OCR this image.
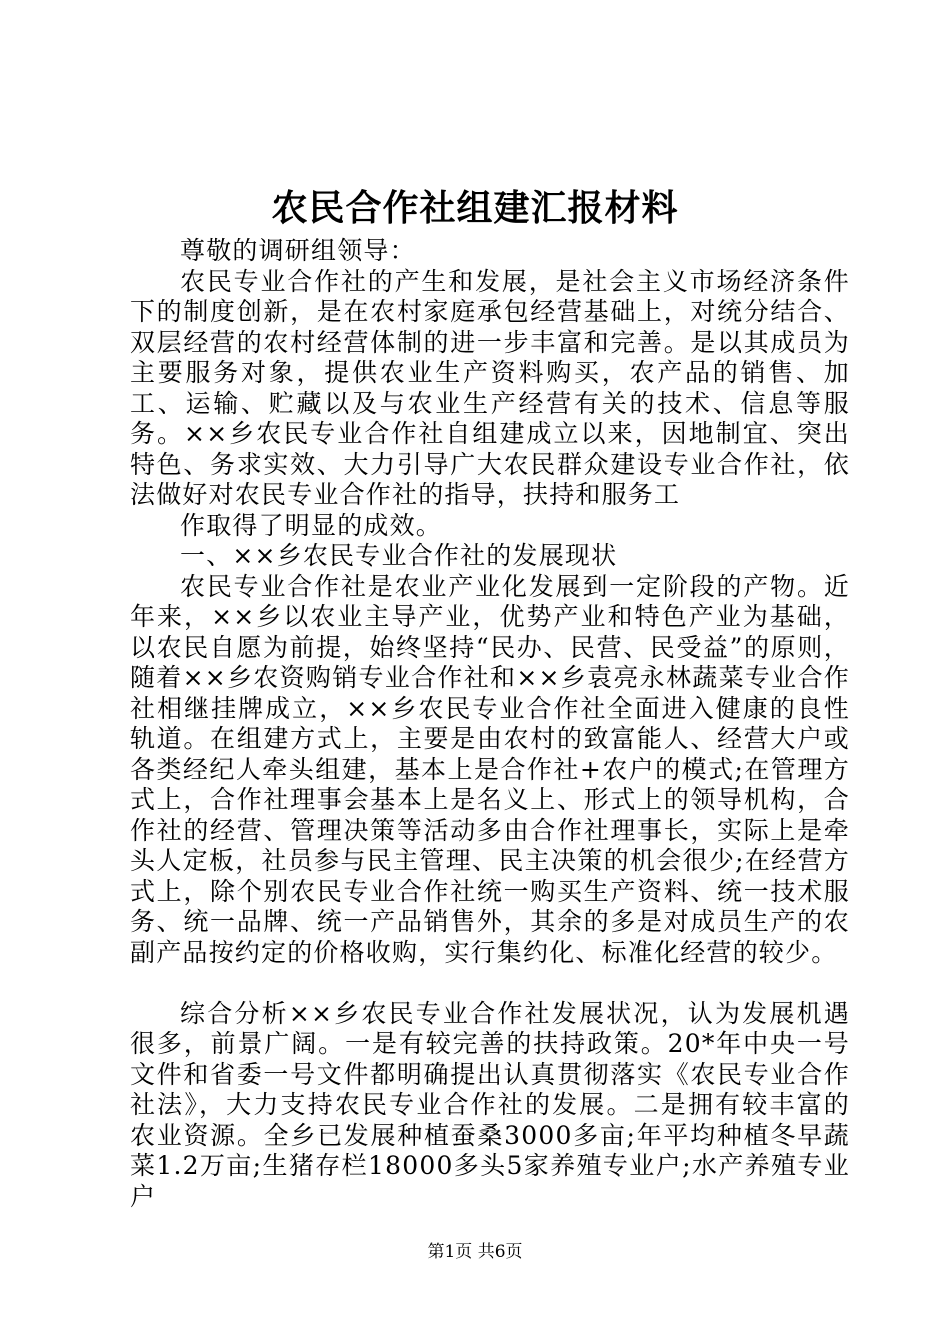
农民合作社组建汇报材料

尊敬的调研组领导：

农民专业合作社的产生和发展，是社会主义市场经济条件下的制度创新，是在农村家庭承包经营基础上，对统分结合、双层经营的农村经营体制的进一步丰富和完善。是以其成员为主要服务对象，提供农业生产资料购买，农产品的销售、加工、运输、贮藏以及与农业生产经营有关的技术、信息等服务。××乡农民专业合作社自组建成立以来，因地制宜、突出特色、务求实效、大力引导广大农民群众建设专业合作社，依法做好对农民专业合作社的指导，扶持和服务工

作取得了明显的成效。

一、××乡农民专业合作社的发展现状

农民专业合作社是农业产业化发展到一定阶段的产物。近年来，××乡以农业主导产业，优势产业和特色产业为基础，以农民自愿为前提，始终坚持“民办、民营、民受益”的原则，随着××乡农资购销专业合作社和××乡袁亮永林蔬菜专业合作社相继挂牌成立，××乡农民专业合作社全面进入健康的良性轨道。在组建方式上，主要是由农村的致富能人、经营大户或各类经纪人牵头组建，基本上是合作社+农户的模式;在管理方式上，合作社理事会基本上是名义上、形式上的领导机构，合作社的经营、管理决策等活动多由合作社理事长，实际上是牵头人定板，社员参与民主管理、民主决策的机会很少;在经营方式上，除个别农民专业合作社统一购买生产资料、统一技术服务、统一品牌、统一产品销售外，其余的多是对成员生产的农副产品按约定的价格收购，实行集约化、标准化经营的较少。

综合分析××乡农民专业合作社发展状况，认为发展机遇很多，前景广阔。一是有较完善的扶持政策。20*年中央一号文件和省委一号文件都明确提出认真贯彻落实《农民专业合作社法》，大力支持农民专业合作社的发展。二是拥有较丰富的农业资源。全乡已发展种植蚕桑3000多亩;年平均种植冬早蔬菜1.2万亩;生猪存栏18000多头5家养殖专业户;水产养殖专业户

第1页 共6页
